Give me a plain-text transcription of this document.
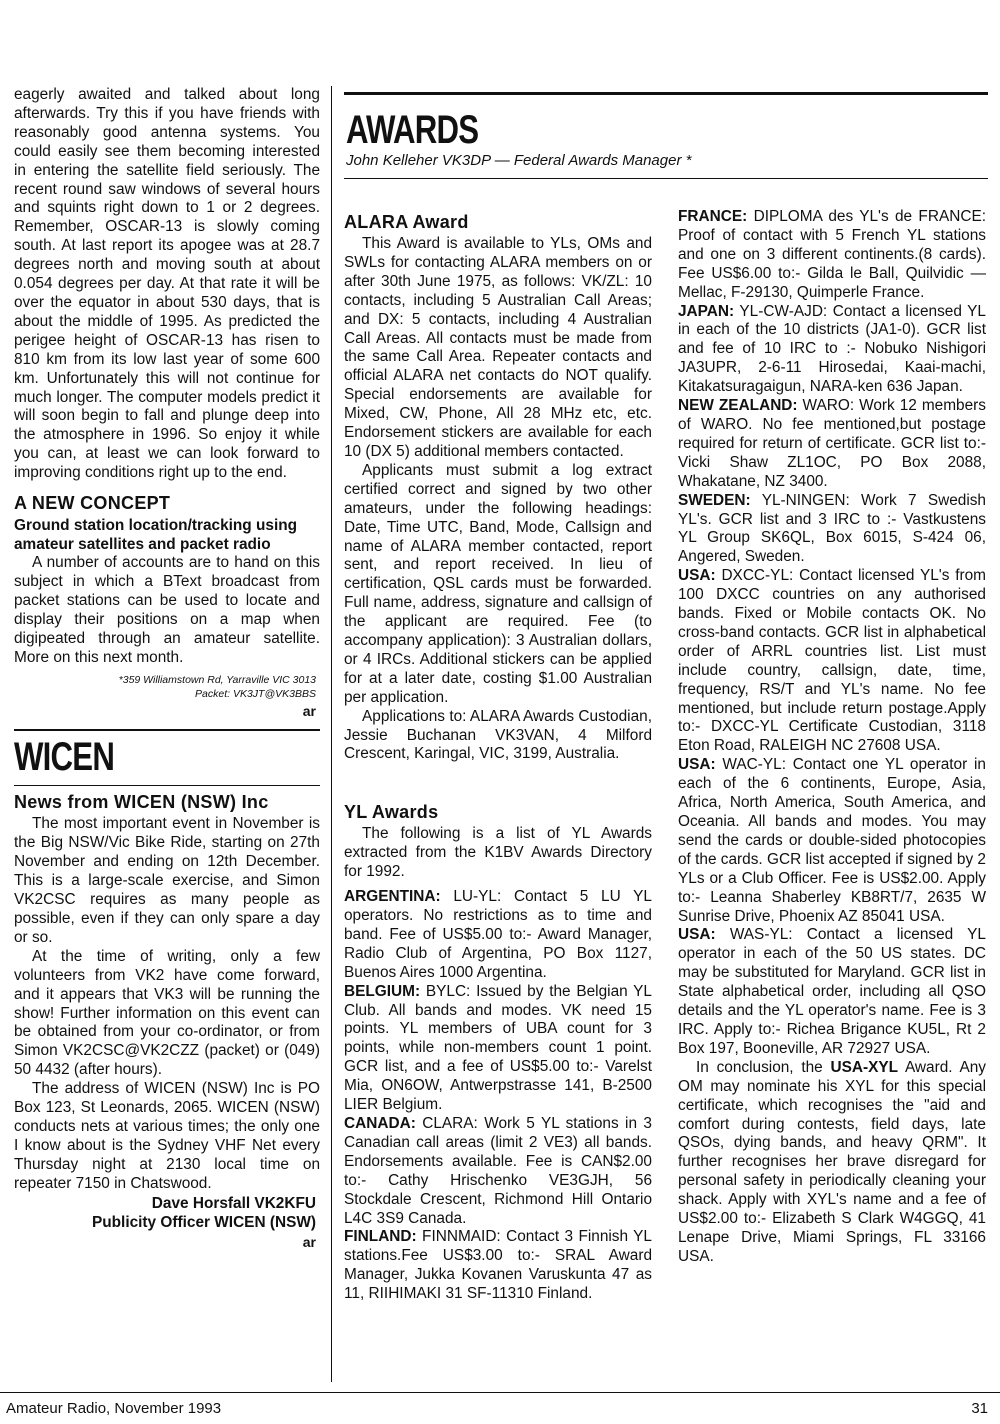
eagerly awaited and talked about long afterwards. Try this if you have friends with reasonably good antenna systems. You could easily see them becoming interested in entering the satellite field seriously. The recent round saw windows of several hours and squints right down to 1 or 2 degrees. Remember, OSCAR-13 is slowly coming south. At last report its apogee was at 28.7 degrees north and moving south at about 0.054 degrees per day. At that rate it will be over the equator in about 530 days, that is about the middle of 1995. As predicted the perigee height of OSCAR-13 has risen to 810 km from its low last year of some 600 km. Unfortunately this will not continue for much longer. The computer models predict it will soon begin to fall and plunge deep into the atmosphere in 1996. So enjoy it while you can, at least we can look forward to improving conditions right up to the end.

A NEW CONCEPT
Ground station location/tracking using amateur satellites and packet radio

A number of accounts are to hand on this subject in which a BText broadcast from packet stations can be used to locate and display their positions on a map when digipeated through an amateur satellite. More on this next month.

*359 Williamstown Rd, Yarraville VIC 3013
Packet: VK3JT@VK3BBS
ar
WICEN
News from WICEN (NSW) Inc

The most important event in November is the Big NSW/Vic Bike Ride, starting on 27th November and ending on 12th December. This is a large-scale exercise, and Simon VK2CSC requires as many people as possible, even if they can only spare a day or so.

At the time of writing, only a few volunteers from VK2 have come forward, and it appears that VK3 will be running the show! Further information on this event can be obtained from your co-ordinator, or from Simon VK2CSC@VK2CZZ (packet) or (049) 50 4432 (after hours).

The address of WICEN (NSW) Inc is PO Box 123, St Leonards, 2065. WICEN (NSW) conducts nets at various times; the only one I know about is the Sydney VHF Net every Thursday night at 2130 local time on repeater 7150 in Chatswood.

Dave Horsfall VK2KFU
Publicity Officer WICEN (NSW)
ar
AWARDS
John Kelleher VK3DP — Federal Awards Manager *
ALARA Award

This Award is available to YLs, OMs and SWLs for contacting ALARA members on or after 30th June 1975, as follows: VK/ZL: 10 contacts, including 5 Australian Call Areas; and DX: 5 contacts, including 4 Australian Call Areas. All contacts must be made from the same Call Area. Repeater contacts and official ALARA net contacts do NOT qualify. Special endorsements are available for Mixed, CW, Phone, All 28 MHz etc, etc. Endorsement stickers are available for each 10 (DX 5) additional members contacted.

Applicants must submit a log extract certified correct and signed by two other amateurs, under the following headings: Date, Time UTC, Band, Mode, Callsign and name of ALARA member contacted, report sent, and report received. In lieu of certification, QSL cards must be forwarded. Full name, address, signature and callsign of the applicant are required. Fee (to accompany application): 3 Australian dollars, or 4 IRCs. Additional stickers can be applied for at a later date, costing $1.00 Australian per application.

Applications to: ALARA Awards Custodian, Jessie Buchanan VK3VAN, 4 Milford Crescent, Karingal, VIC, 3199, Australia.

YL Awards

The following is a list of YL Awards extracted from the K1BV Awards Directory for 1992.

ARGENTINA: LU-YL: Contact 5 LU YL operators. No restrictions as to time and band. Fee of US$5.00 to:- Award Manager, Radio Club of Argentina, PO Box 1127, Buenos Aires 1000 Argentina.

BELGIUM: BYLC: Issued by the Belgian YL Club. All bands and modes. VK need 15 points. YL members of UBA count for 3 points, while non-members count 1 point. GCR list, and a fee of US$5.00 to:- Varelst Mia, ON6OW, Antwerpstrasse 141, B-2500 LIER Belgium.

CANADA: CLARA: Work 5 YL stations in 3 Canadian call areas (limit 2 VE3) all bands. Endorsements available. Fee is CAN$2.00 to:- Cathy Hrischenko VE3GJH, 56 Stockdale Crescent, Richmond Hill Ontario L4C 3S9 Canada.

FINLAND: FINNMAID: Contact 3 Finnish YL stations.Fee US$3.00 to:- SRAL Award Manager, Jukka Kovanen Varuskunta 47 as 11, RIIHIMAKI 31 SF-11310 Finland.

FRANCE: DIPLOMA des YL's de FRANCE: Proof of contact with 5 French YL stations and one on 3 different continents.(8 cards). Fee US$6.00 to:- Gilda le Ball, Quilvidic — Mellac, F-29130, Quimperle France.

JAPAN: YL-CW-AJD: Contact a licensed YL in each of the 10 districts (JA1-0). GCR list and fee of 10 IRC to :- Nobuko Nishigori JA3UPR, 2-6-11 Hirosedai, Kaai-machi, Kitakatsuragaigun, NARA-ken 636 Japan.

NEW ZEALAND: WARO: Work 12 members of WARO. No fee mentioned,but postage required for return of certificate. GCR list to:- Vicki Shaw ZL1OC, PO Box 2088, Whakatane, NZ 3400.

SWEDEN: YL-NINGEN: Work 7 Swedish YL's. GCR list and 3 IRC to :- Vastkustens YL Group SK6QL, Box 6015, S-424 06, Angered, Sweden.

USA: DXCC-YL: Contact licensed YL's from 100 DXCC countries on any authorised bands. Fixed or Mobile contacts OK. No cross-band contacts. GCR list in alphabetical order of ARRL countries list. List must include country, callsign, date, time, frequency, RS/T and YL's name. No fee mentioned, but include return postage.Apply to:- DXCC-YL Certificate Custodian, 3118 Eton Road, RALEIGH NC 27608 USA.

USA: WAC-YL: Contact one YL operator in each of the 6 continents, Europe, Asia, Africa, North America, South America, and Oceania. All bands and modes. You may send the cards or double-sided photocopies of the cards. GCR list accepted if signed by 2 YLs or a Club Officer. Fee is US$2.00. Apply to:- Leanna Shaberley KB8RT/7, 2635 W Sunrise Drive, Phoenix AZ 85041 USA.

USA: WAS-YL: Contact a licensed YL operator in each of the 50 US states. DC may be substituted for Maryland. GCR list in State alphabetical order, including all QSO details and the YL operator's name. Fee is 3 IRC. Apply to:- Richea Brigance KU5L, Rt 2 Box 197, Booneville, AR 72927 USA.

In conclusion, the USA-XYL Award. Any OM may nominate his XYL for this special certificate, which recognises the "aid and comfort during contests, field days, late QSOs, dying bands, and heavy QRM". It further recognises her brave disregard for personal safety in periodically cleaning your shack. Apply with XYL's name and a fee of US$2.00 to:- Elizabeth S Clark W4GGQ, 41 Lenape Drive, Miami Springs, FL 33166 USA.

Amateur Radio, November 1993	31
